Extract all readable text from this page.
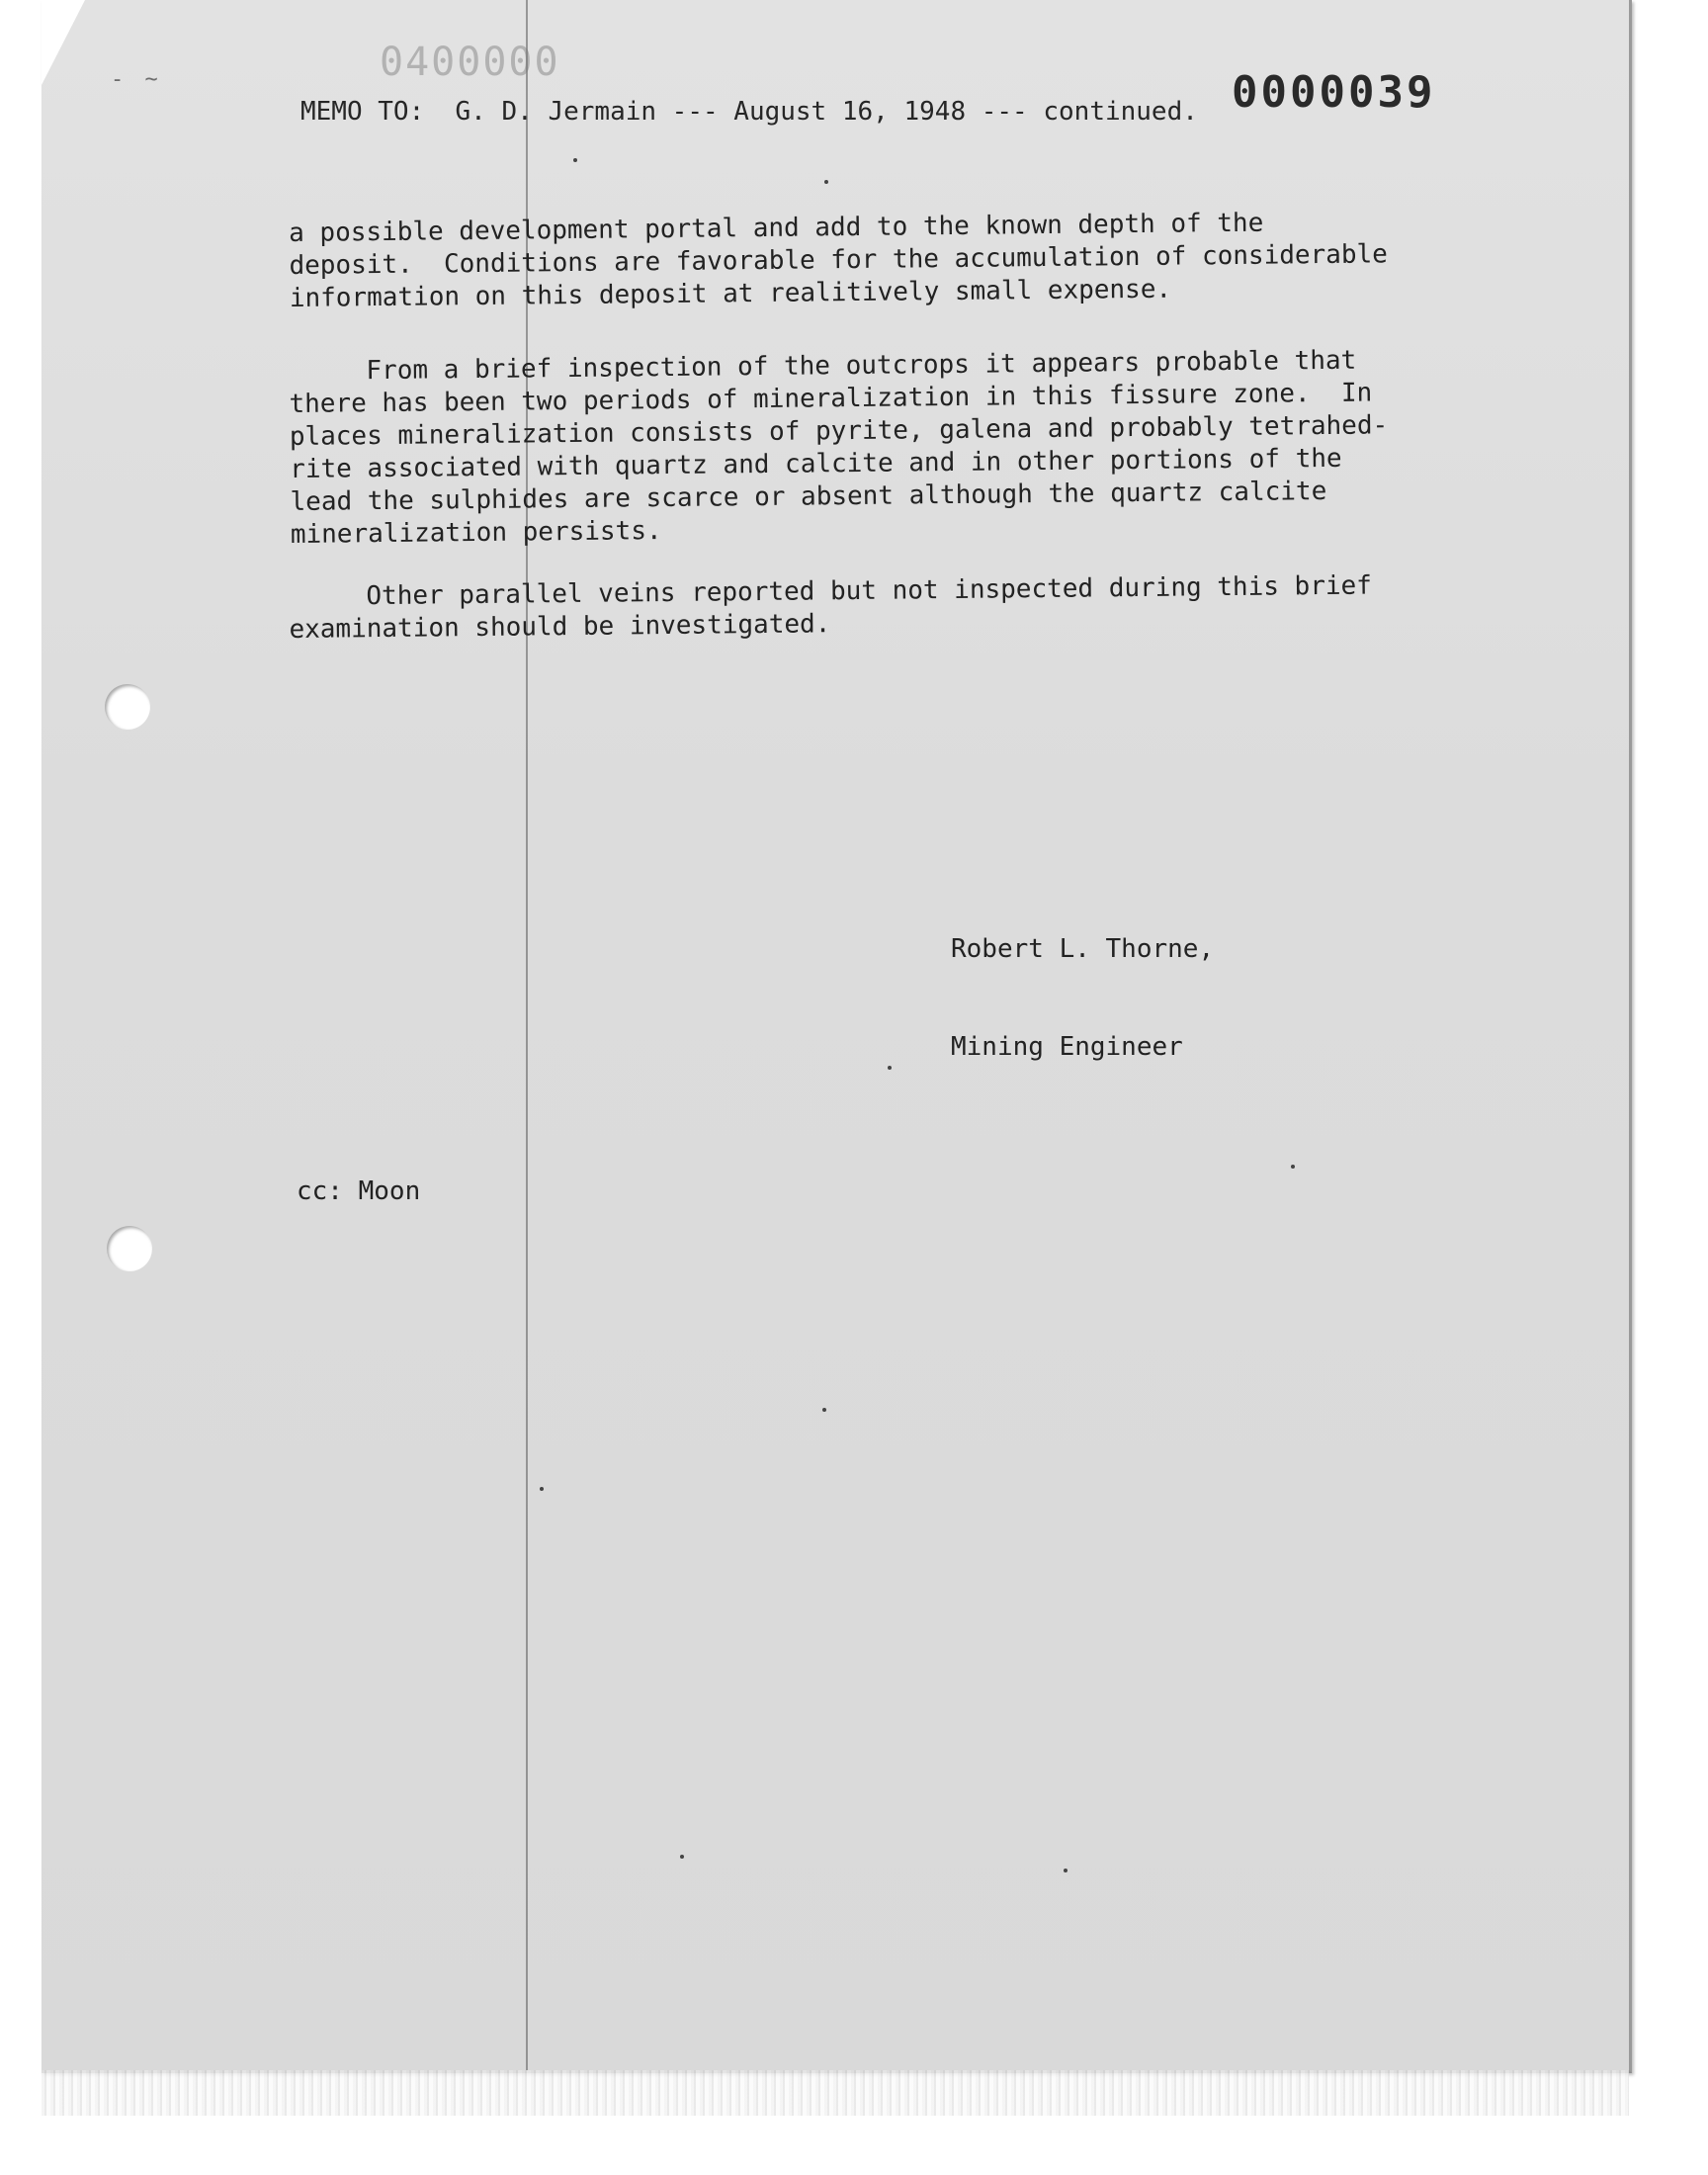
- ~	0400000
0000039
MEMO TO:  G. D. Jermain --- August 16, 1948 --- continued.
a possible development portal and add to the known depth of the
deposit.  Conditions are favorable for the accumulation of considerable
information on this deposit at realitively small expense.
From a brief inspection of the outcrops it appears probable that
there has been two periods of mineralization in this fissure zone.  In
places mineralization consists of pyrite, galena and probably tetrahed-
rite associated with quartz and calcite and in other portions of the
lead the sulphides are scarce or absent although the quartz calcite
mineralization persists.
Other parallel veins reported but not inspected during this brief
examination should be investigated.

Robert L. Thorne,

Mining Engineer

cc: Moon
